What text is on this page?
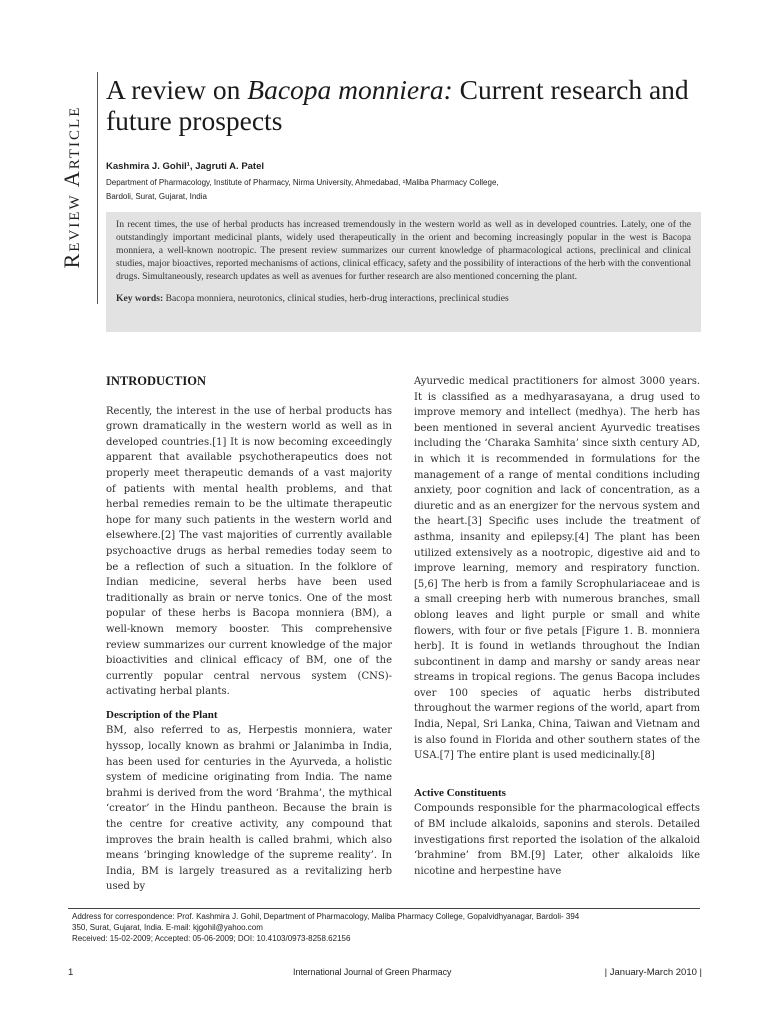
Review Article
A review on Bacopa monniera: Current research and future prospects
Kashmira J. Gohil¹, Jagruti A. Patel
Department of Pharmacology, Institute of Pharmacy, Nirma University, Ahmedabad, ¹Maliba Pharmacy College,
Bardoli, Surat, Gujarat, India

In recent times, the use of herbal products has increased tremendously in the western world as well as in developed countries. Lately, one of the outstandingly important medicinal plants, widely used therapeutically in the orient and becoming increasingly popular in the west is Bacopa monniera, a well-known nootropic. The present review summarizes our current knowledge of pharmacological actions, preclinical and clinical studies, major bioactives, reported mechanisms of actions, clinical efficacy, safety and the possibility of interactions of the herb with the conventional drugs. Simultaneously, research updates as well as avenues for further research are also mentioned concerning the plant.

Key words: Bacopa monniera, neurotonics, clinical studies, herb-drug interactions, preclinical studies

INTRODUCTION

Recently, the interest in the use of herbal products has grown dramatically in the western world as well as in developed countries.[1] It is now becoming exceedingly apparent that available psychotherapeutics does not properly meet therapeutic demands of a vast majority of patients with mental health problems, and that herbal remedies remain to be the ultimate therapeutic hope for many such patients in the western world and elsewhere.[2] The vast majorities of currently available psychoactive drugs as herbal remedies today seem to be a reflection of such a situation. In the folklore of Indian medicine, several herbs have been used traditionally as brain or nerve tonics. One of the most popular of these herbs is Bacopa monniera (BM), a well-known memory booster. This comprehensive review summarizes our current knowledge of the major bioactivities and clinical efficacy of BM, one of the currently popular central nervous system (CNS)-activating herbal plants.

Description of the Plant

BM, also referred to as, Herpestis monniera, water hyssop, locally known as brahmi or Jalanimba in India, has been used for centuries in the Ayurveda, a holistic system of medicine originating from India. The name brahmi is derived from the word ‘Brahma’, the mythical ‘creator’ in the Hindu pantheon. Because the brain is the centre for creative activity, any compound that improves the brain health is called brahmi, which also means ‘bringing knowledge of the supreme reality’. In India, BM is largely treasured as a revitalizing herb used by

Ayurvedic medical practitioners for almost 3000 years. It is classified as a medhyarasayana, a drug used to improve memory and intellect (medhya). The herb has been mentioned in several ancient Ayurvedic treatises including the ‘Charaka Samhita’ since sixth century AD, in which it is recommended in formulations for the management of a range of mental conditions including anxiety, poor cognition and lack of concentration, as a diuretic and as an energizer for the nervous system and the heart.[3] Specific uses include the treatment of asthma, insanity and epilepsy.[4] The plant has been utilized extensively as a nootropic, digestive aid and to improve learning, memory and respiratory function.[5,6] The herb is from a family Scrophulariaceae and is a small creeping herb with numerous branches, small oblong leaves and light purple or small and white flowers, with four or five petals [Figure 1. B. monniera herb]. It is found in wetlands throughout the Indian subcontinent in damp and marshy or sandy areas near streams in tropical regions. The genus Bacopa includes over 100 species of aquatic herbs distributed throughout the warmer regions of the world, apart from India, Nepal, Sri Lanka, China, Taiwan and Vietnam and is also found in Florida and other southern states of the USA.[7] The entire plant is used medicinally.[8]

Active Constituents

Compounds responsible for the pharmacological effects of BM include alkaloids, saponins and sterols. Detailed investigations first reported the isolation of the alkaloid ‘brahmine’ from BM.[9] Later, other alkaloids like nicotine and herpestine have

Address for correspondence: Prof. Kashmira J. Gohil, Department of Pharmacology, Maliba Pharmacy College, Gopalvidhyanagar, Bardoli- 394

350, Surat, Gujarat, India. E-mail: kjgohil@yahoo.com

Received: 15-02-2009; Accepted: 05-06-2009; DOI: 10.4103/0973-8258.62156

1	International Journal of Green Pharmacy	| January-March 2010 |
